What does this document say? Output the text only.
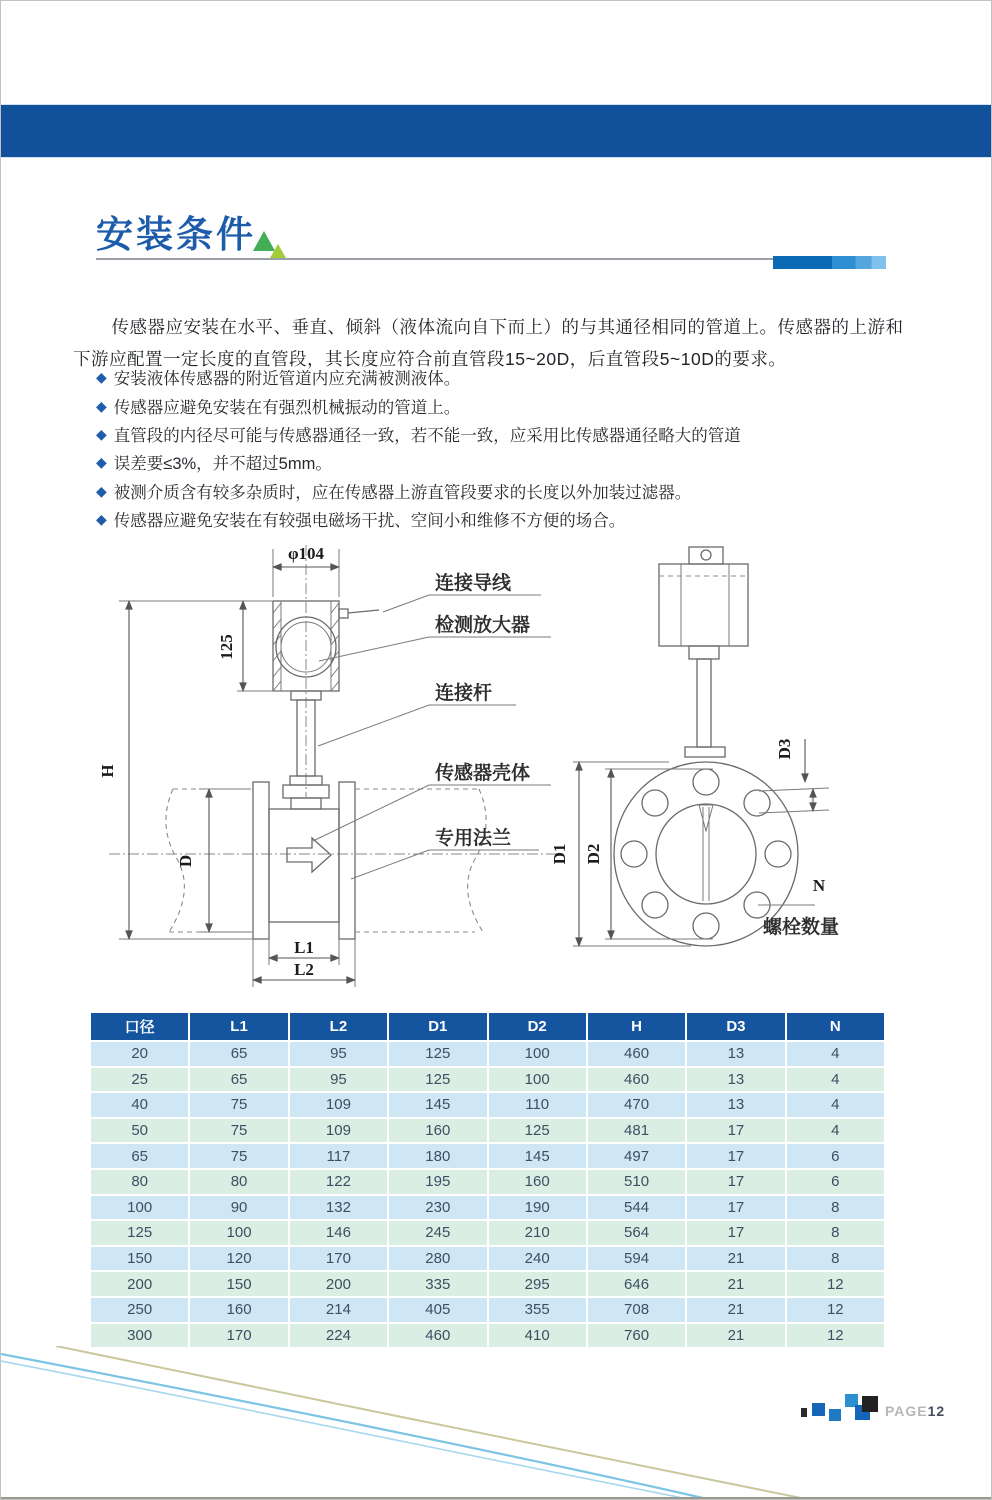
安装条件

传感器应安装在水平、垂直、倾斜（液体流向自下而上）的与其通径相同的管道上。传感器的上游和下游应配置一定长度的直管段，其长度应符合前直管段15~20D，后直管段5~10D的要求。

◆ 安装液体传感器的附近管道内应充满被测液体。
◆ 传感器应避免安装在有强烈机械振动的管道上。
◆ 直管段的内径尽可能与传感器通径一致，若不能一致，应采用比传感器通径略大的管道
◆ 误差要≤3%，并不超过5mm。
◆ 被测介质含有较多杂质时，应在传感器上游直管段要求的长度以外加装过滤器。
◆ 传感器应避免安装在有较强电磁场干扰、空间小和维修不方便的场合。
φ104
H
125
D
L1
L2
连接导线
检测放大器
连接杆
传感器壳体
专用法兰
D1 D2
D3
N
螺栓数量
口径	L1	L2	D1	D2	H	D3	N
20	65	95	125	100	460	13	4
25	65	95	125	100	460	13	4
40	75	109	145	110	470	13	4
50	75	109	160	125	481	17	4
65	75	117	180	145	497	17	6
80	80	122	195	160	510	17	6
100	90	132	230	190	544	17	8
125	100	146	245	210	564	17	8
150	120	170	280	240	594	21	8
200	150	200	335	295	646	21	12
250	160	214	405	355	708	21	12
300	170	224	460	410	760	21	12
PAGE12
